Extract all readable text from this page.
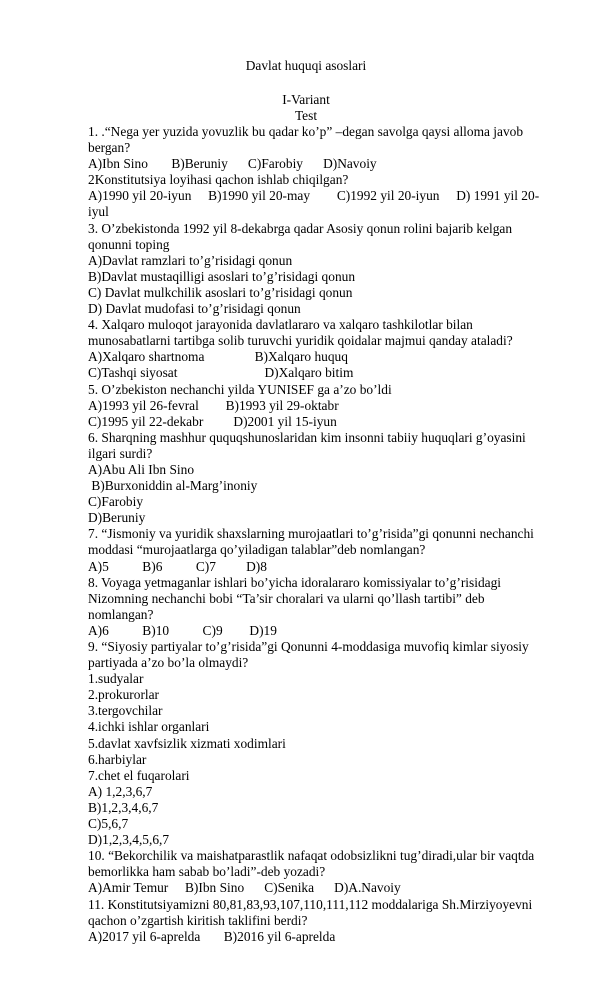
Davlat huquqi asoslari
I-Variant
Test
1. .“Nega yer yuzida yovuzlik bu qadar ko’p” –degan savolga qaysi alloma javob
bergan?
A)Ibn Sino       B)Beruniy      C)Farobiy      D)Navoiy
2Konstitutsiya loyihasi qachon ishlab chiqilgan?
A)1990 yil 20-iyun     B)1990 yil 20-may        C)1992 yil 20-iyun     D) 1991 yil 20-
iyul
3. O’zbekistonda 1992 yil 8-dekabrga qadar Asosiy qonun rolini bajarib kelgan
qonunni toping
A)Davlat ramzlari to’g’risidagi qonun
B)Davlat mustaqilligi asoslari to’g’risidagi qonun
C) Davlat mulkchilik asoslari to’g’risidagi qonun
D) Davlat mudofasi to’g’risidagi qonun
4. Xalqaro muloqot jarayonida davlatlararo va xalqaro tashkilotlar bilan
munosabatlarni tartibga solib turuvchi yuridik qoidalar majmui qanday ataladi?
A)Xalqaro shartnoma               B)Xalqaro huquq
C)Tashqi siyosat                          D)Xalqaro bitim
5. O’zbekiston nechanchi yilda YUNISEF ga a’zo bo’ldi
A)1993 yil 26-fevral        B)1993 yil 29-oktabr
C)1995 yil 22-dekabr         D)2001 yil 15-iyun
6. Sharqning mashhur ququqshunoslaridan kim insonni tabiiy huquqlari g’oyasini
ilgari surdi?
A)Abu Ali Ibn Sino
B)Burxoniddin al-Marg’inoniy
C)Farobiy
D)Beruniy
7. “Jismoniy va yuridik shaxslarning murojaatlari to’g’risida”gi qonunni nechanchi
moddasi “murojaatlarga qo’yiladigan talablar”deb nomlangan?
A)5          B)6          C)7         D)8
8. Voyaga yetmaganlar ishlari bo’yicha idoralararo komissiyalar to’g’risidagi
Nizomning nechanchi bobi “Ta’sir choralari va ularni qo’llash tartibi” deb
nomlangan?
A)6          B)10          C)9        D)19
9. “Siyosiy partiyalar to’g’risida”gi Qonunni 4-moddasiga muvofiq kimlar siyosiy
partiyada a’zo bo’la olmaydi?
1.sudyalar
2.prokurorlar
3.tergovchilar
4.ichki ishlar organlari
5.davlat xavfsizlik xizmati xodimlari
6.harbiylar
7.chet el fuqarolari
A) 1,2,3,6,7
B)1,2,3,4,6,7
C)5,6,7
D)1,2,3,4,5,6,7
10. “Bekorchilik va maishatparastlik nafaqat odobsizlikni tug’diradi,ular bir vaqtda
bemorlikka ham sabab bo’ladi”-deb yozadi?
A)Amir Temur     B)Ibn Sino      C)Senika      D)A.Navoiy
11. Konstitutsiyamizni 80,81,83,93,107,110,111,112 moddalariga Sh.Mirziyoyevni
qachon o’zgartish kiritish taklifini berdi?
A)2017 yil 6-aprelda       B)2016 yil 6-aprelda
